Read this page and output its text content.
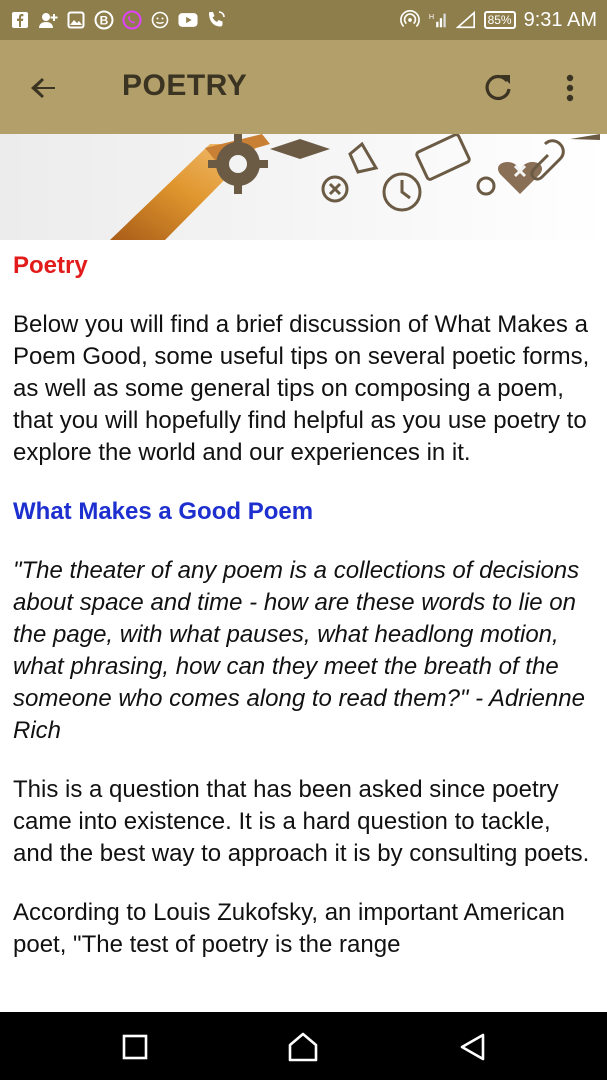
B	H	85% 9:31 AM
POETRY
Poetry
Below you will find a brief discussion of What Makes a Poem Good, some useful tips on several poetic forms, as well as some general tips on composing a poem, that you will hopefully find helpful as you use poetry to explore the world and our experiences in it.
What Makes a Good Poem
"The theater of any poem is a collections of decisions about space and time - how are these words to lie on the page, with what pauses, what headlong motion, what phrasing, how can they meet the breath of the someone who comes along to read them?" - Adrienne Rich
This is a question that has been asked since poetry came into existence. It is a hard question to tackle, and the best way to approach it is by consulting poets.
According to Louis Zukofsky, an important American poet, "The test of poetry is the range
